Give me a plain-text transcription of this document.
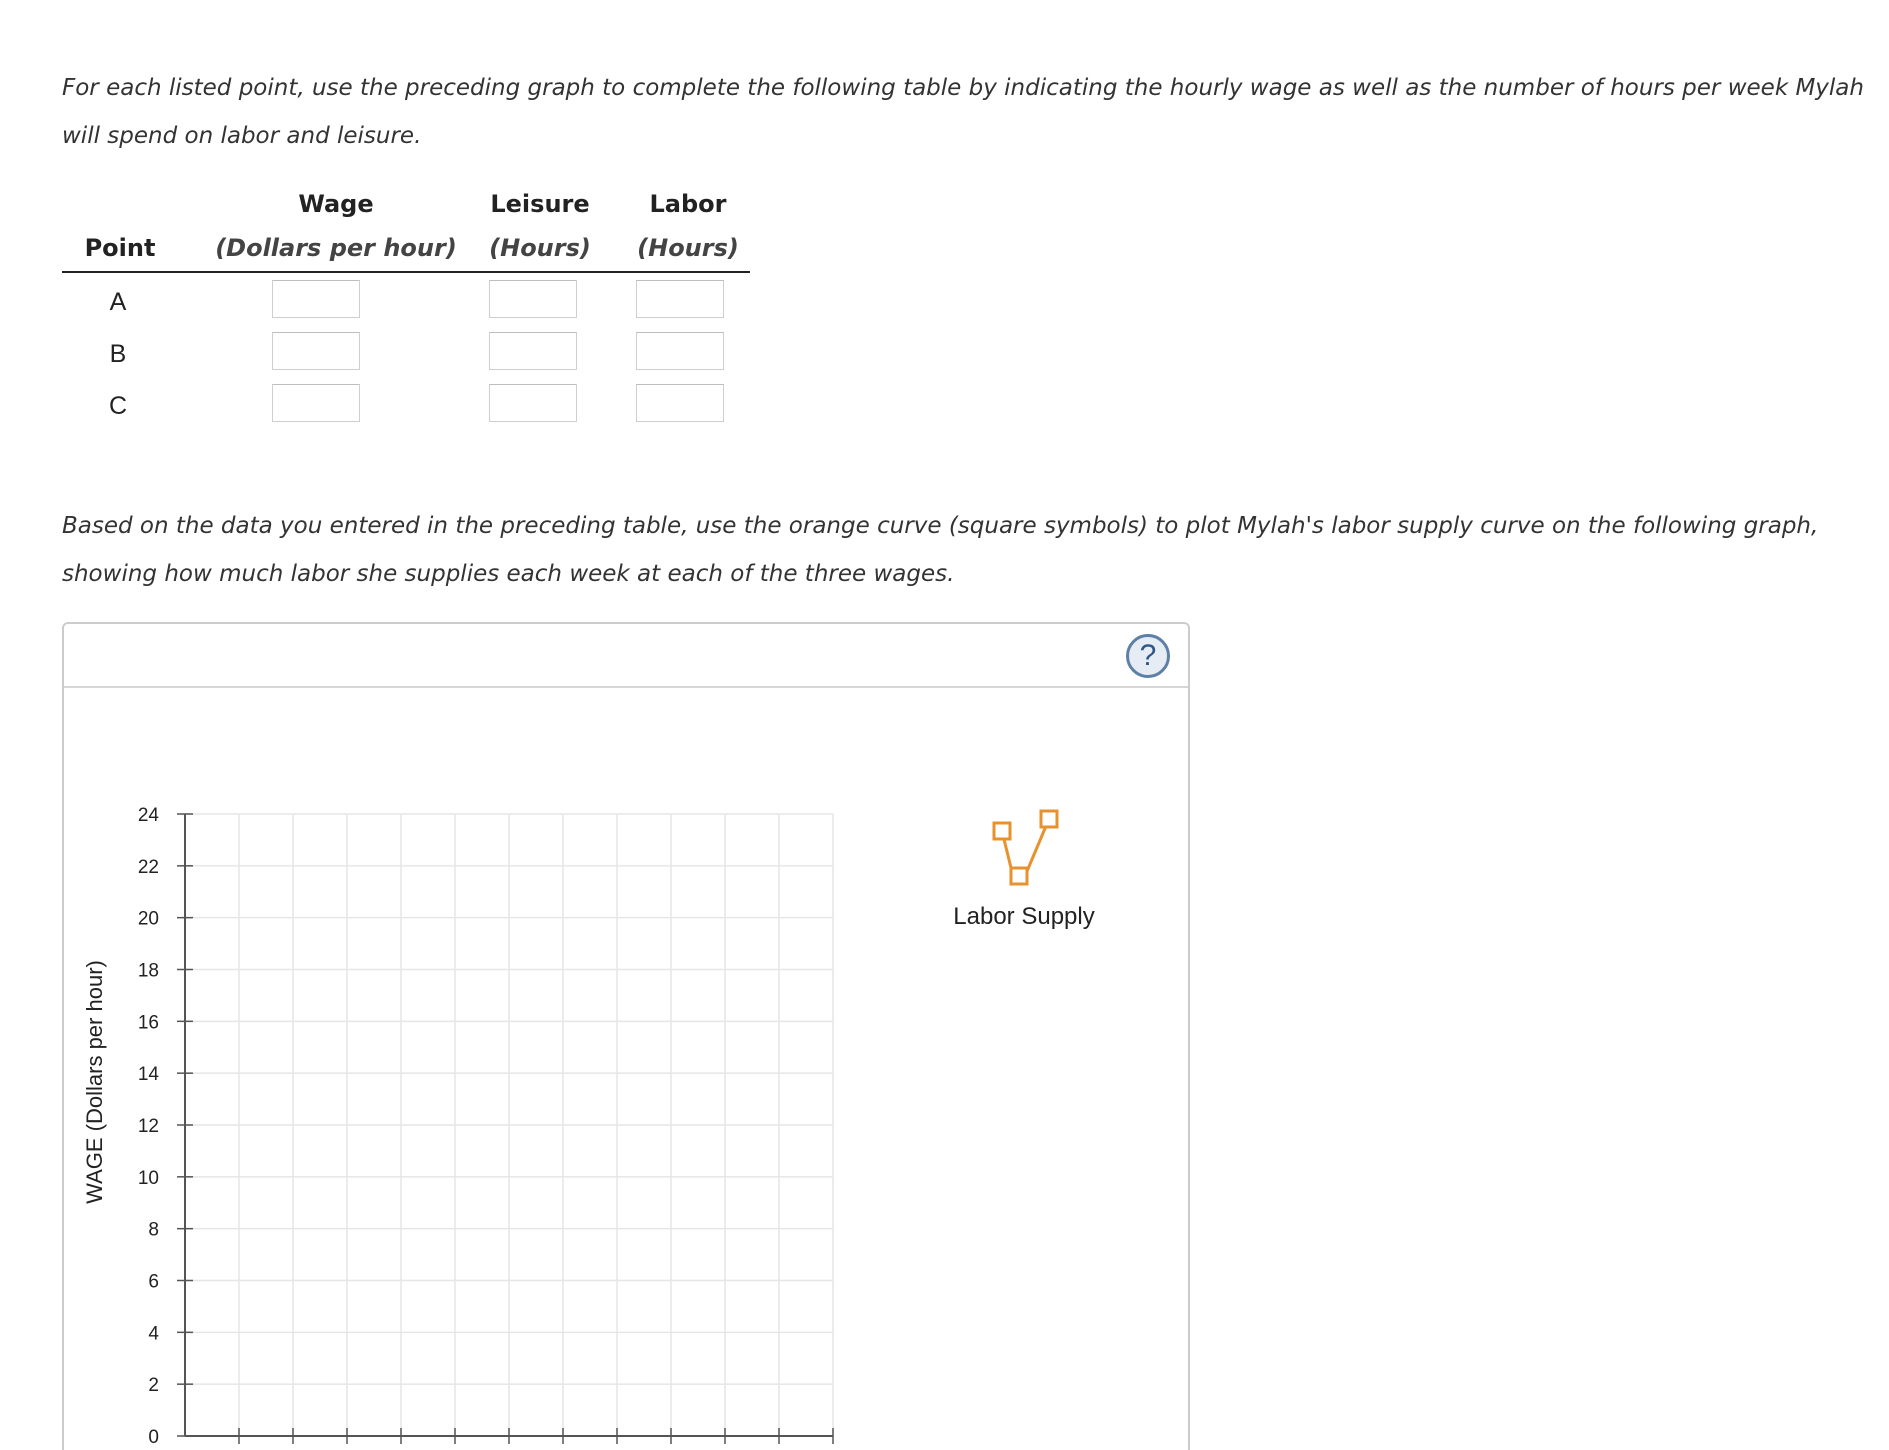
For each listed point, use the preceding graph to complete the following table by indicating the hourly wage as well as the number of hours per week Mylah will spend on labor and leisure.

Point
Wage
(Dollars per hour)
Leisure
(Hours)
Labor
(Hours)
A
B
C

Based on the data you entered in the preceding table, use the orange curve (square symbols) to plot Mylah's labor supply curve on the following graph, showing how much labor she supplies each week at each of the three wages.

?
0
2
4
6
8
10
12
14
16
18
20
22
24
WAGE (Dollars per hour)
Labor Supply
